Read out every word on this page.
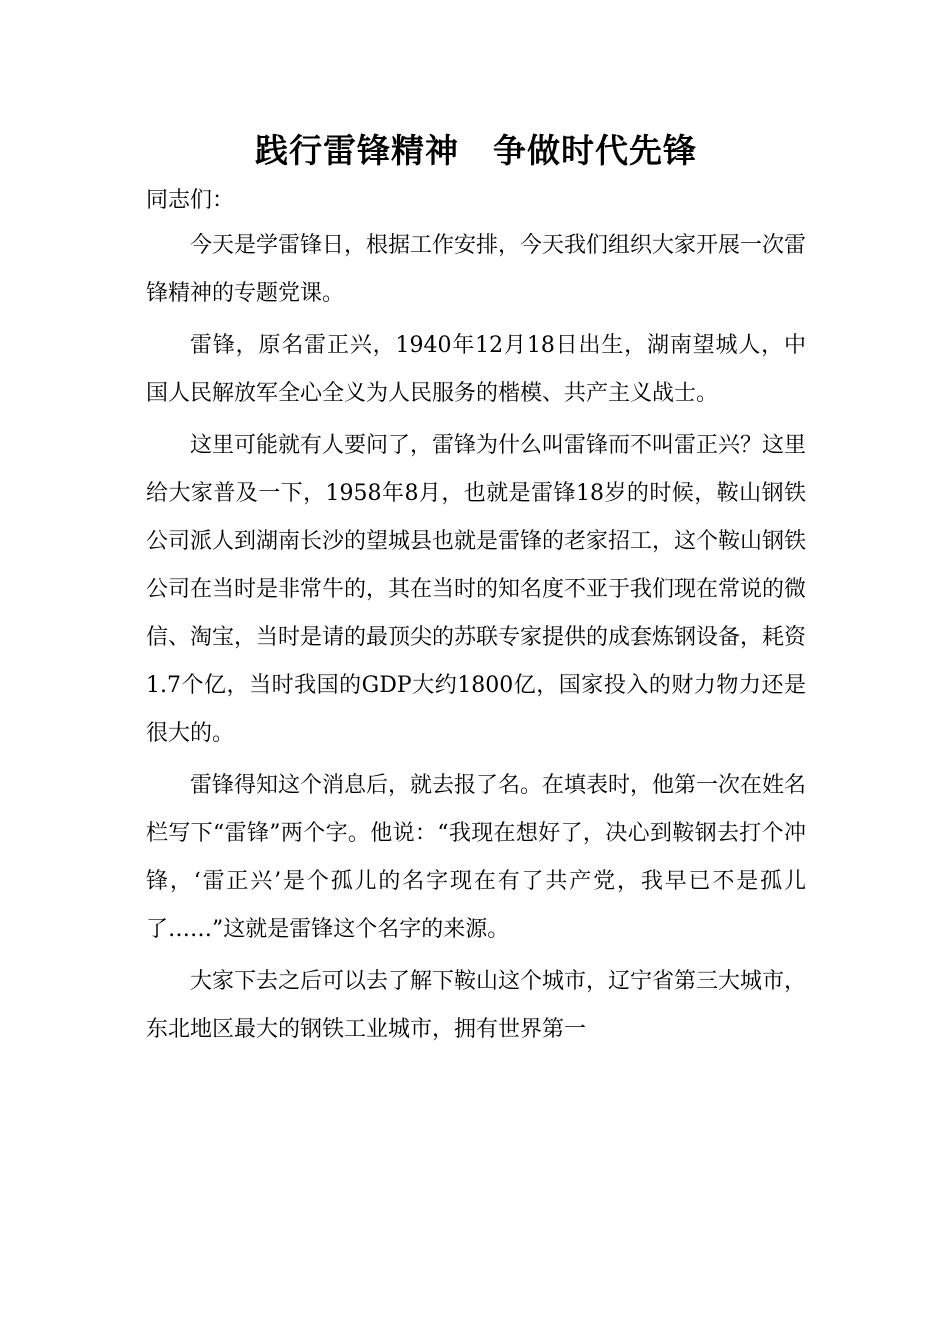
践行雷锋精神　争做时代先锋

同志们：

今天是学雷锋日，根据工作安排，今天我们组织大家开展一次雷锋精神的专题党课。

雷锋，原名雷正兴，1940年12月18日出生，湖南望城人，中国人民解放军全心全义为人民服务的楷模、共产主义战士。

这里可能就有人要问了，雷锋为什么叫雷锋而不叫雷正兴？这里给大家普及一下，1958年8月，也就是雷锋18岁的时候，鞍山钢铁公司派人到湖南长沙的望城县也就是雷锋的老家招工，这个鞍山钢铁公司在当时是非常牛的，其在当时的知名度不亚于我们现在常说的微信、淘宝，当时是请的最顶尖的苏联专家提供的成套炼钢设备，耗资1.7个亿，当时我国的GDP大约1800亿，国家投入的财力物力还是很大的。

雷锋得知这个消息后，就去报了名。在填表时，他第一次在姓名栏写下“雷锋”两个字。他说：“我现在想好了，决心到鞍钢去打个冲锋，‘雷正兴’是个孤儿的名字现在有了共产党，我早已不是孤儿了……”这就是雷锋这个名字的来源。

大家下去之后可以去了解下鞍山这个城市，辽宁省第三大城市，东北地区最大的钢铁工业城市，拥有世界第一
